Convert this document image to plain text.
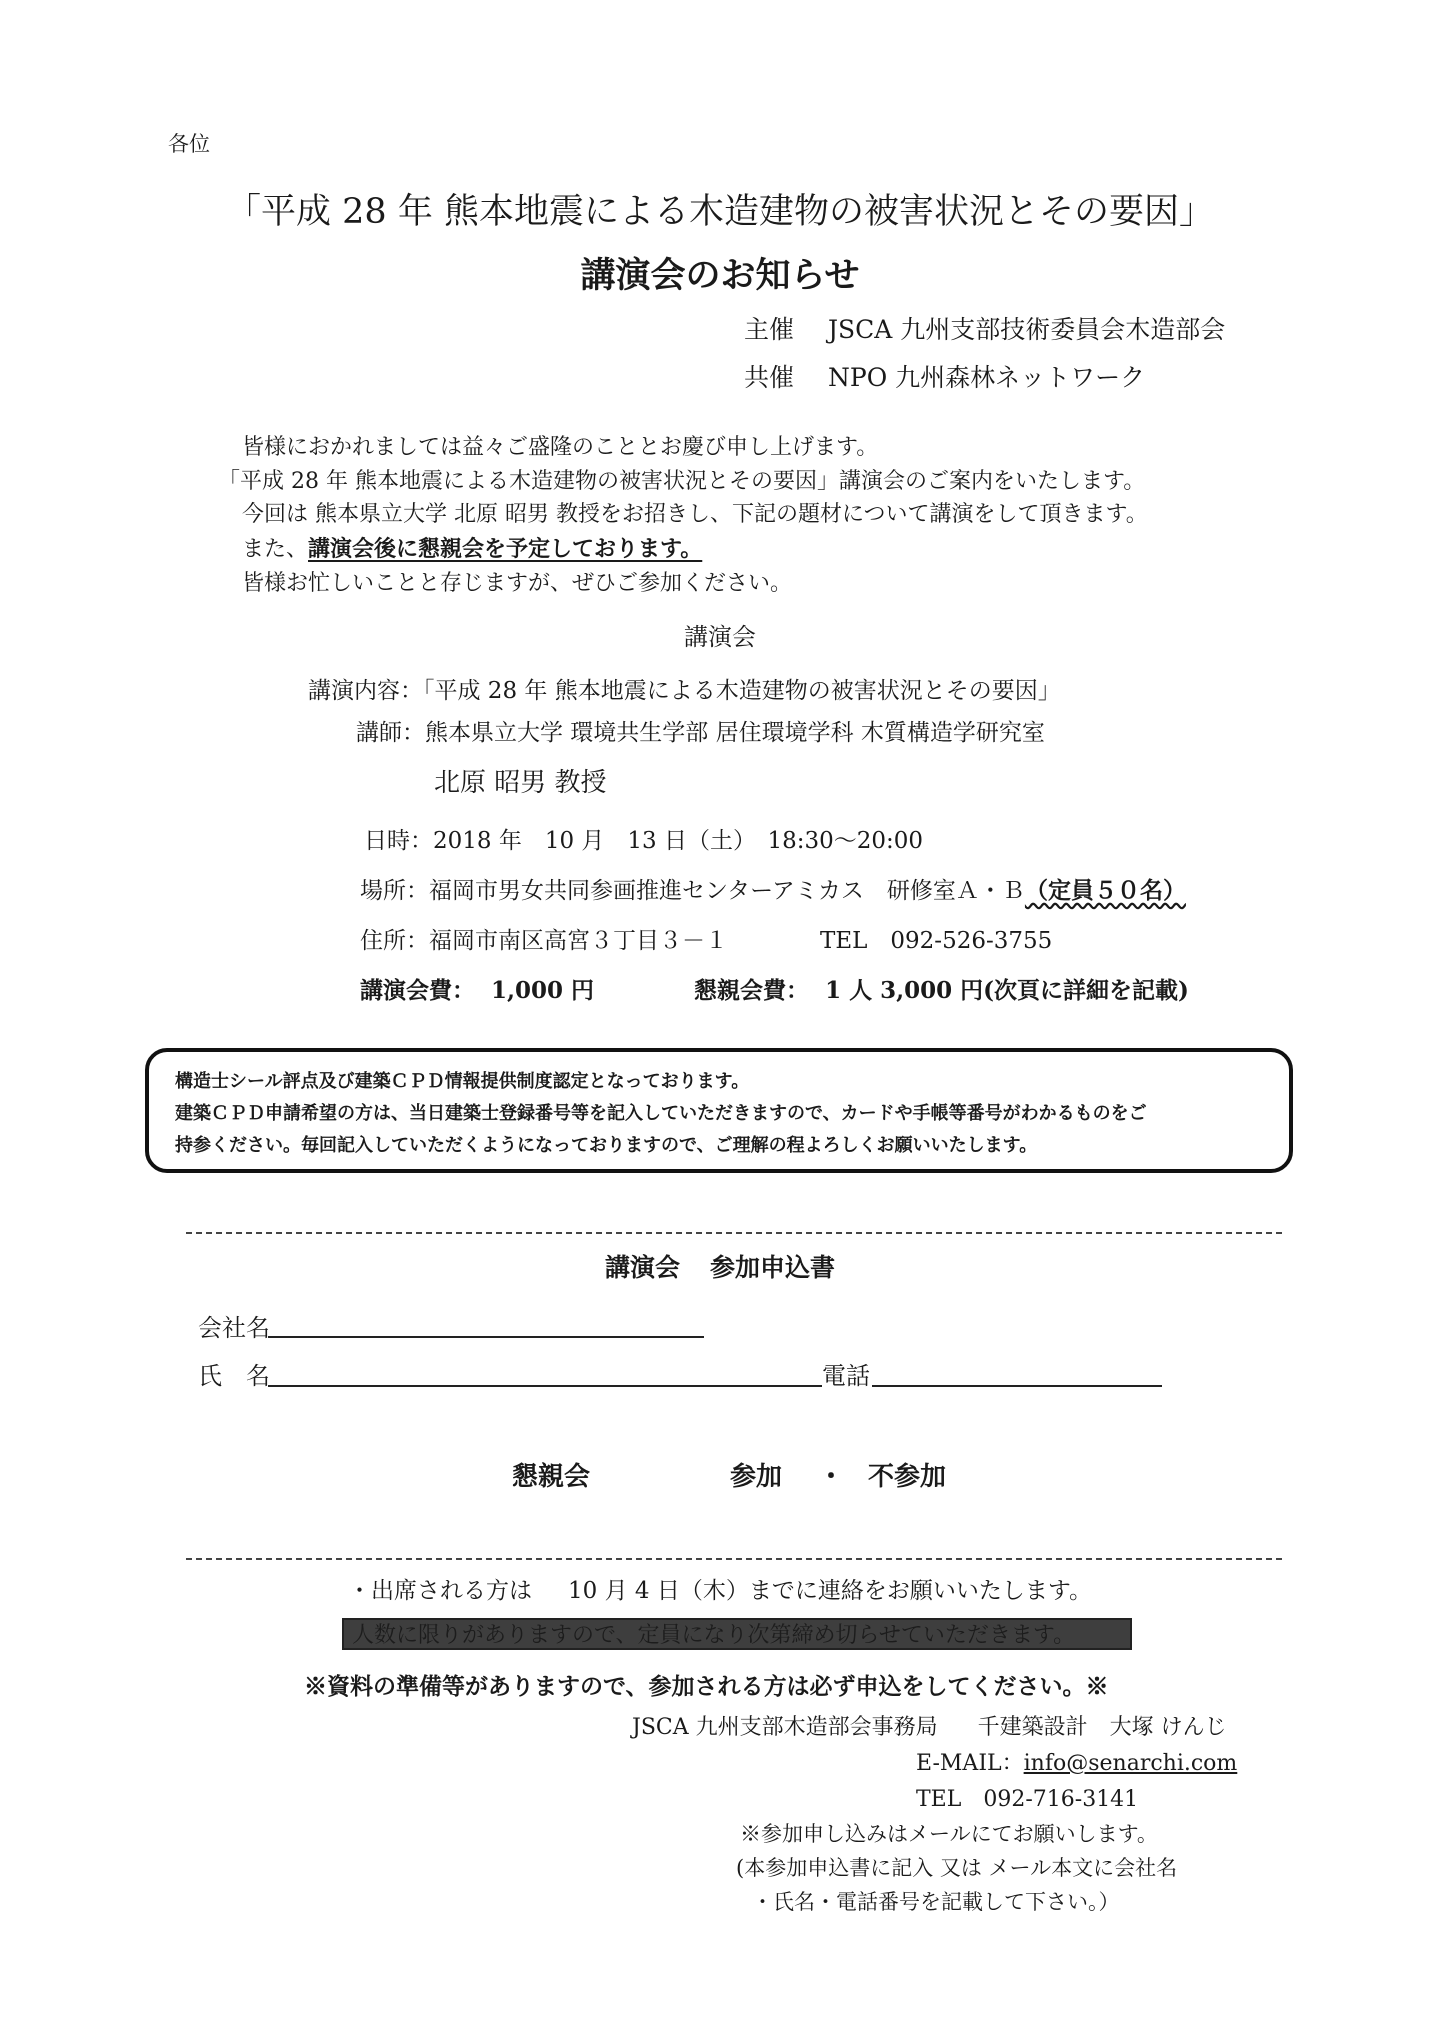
各位
「平成 28 年 熊本地震による木造建物の被害状況とその要因」
講演会のお知らせ
主催 JSCA 九州支部技術委員会木造部会
共催 NPO 九州森林ネットワーク
皆様におかれましては益々ご盛隆のこととお慶び申し上げます。
「平成 28 年 熊本地震による木造建物の被害状況とその要因」講演会のご案内をいたします。
今回は 熊本県立大学 北原 昭男 教授をお招きし、下記の題材について講演をして頂きます。
また、講演会後に懇親会を予定しております。
皆様お忙しいことと存じますが、ぜひご参加ください。
講演会
講演内容：「平成 28 年 熊本地震による木造建物の被害状況とその要因」
講師：熊本県立大学 環境共生学部 居住環境学科 木質構造学研究室
北原 昭男 教授
日時：2018 年　10 月　13 日（土）　18:30～20:00
場所：福岡市男女共同参画推進センターアミカス　研修室Ａ・Ｂ（定員５０名）
住所：福岡市南区高宮３丁目３－１　　　　TEL　092-526-3755
講演会費： 1,000 円	懇親会費： 1 人 3,000 円(次頁に詳細を記載)
構造士シール評点及び建築ＣＰＤ情報提供制度認定となっております。
建築ＣＰＤ申請希望の方は、当日建築士登録番号等を記入していただきますので、カードや手帳等番号がわかるものをご
持参ください。毎回記入していただくようになっておりますので、ご理解の程よろしくお願いいたします。
講演会 参加申込書
会社名
氏　名	電話
懇親会	参加 ・ 不参加
・出席される方は 10 月 4 日（木）までに連絡をお願いいたします。
人数に限りがありますので、定員になり次第締め切らせていただきます。
※資料の準備等がありますので、参加される方は必ず申込をしてください。※
JSCA 九州支部木造部会事務局 千建築設計　大塚 けんじ
E-MAIL：info@senarchi.com
TEL　092-716-3141
※参加申し込みはメールにてお願いします。
(本参加申込書に記入 又は メール本文に会社名
・氏名・電話番号を記載して下さい。）
